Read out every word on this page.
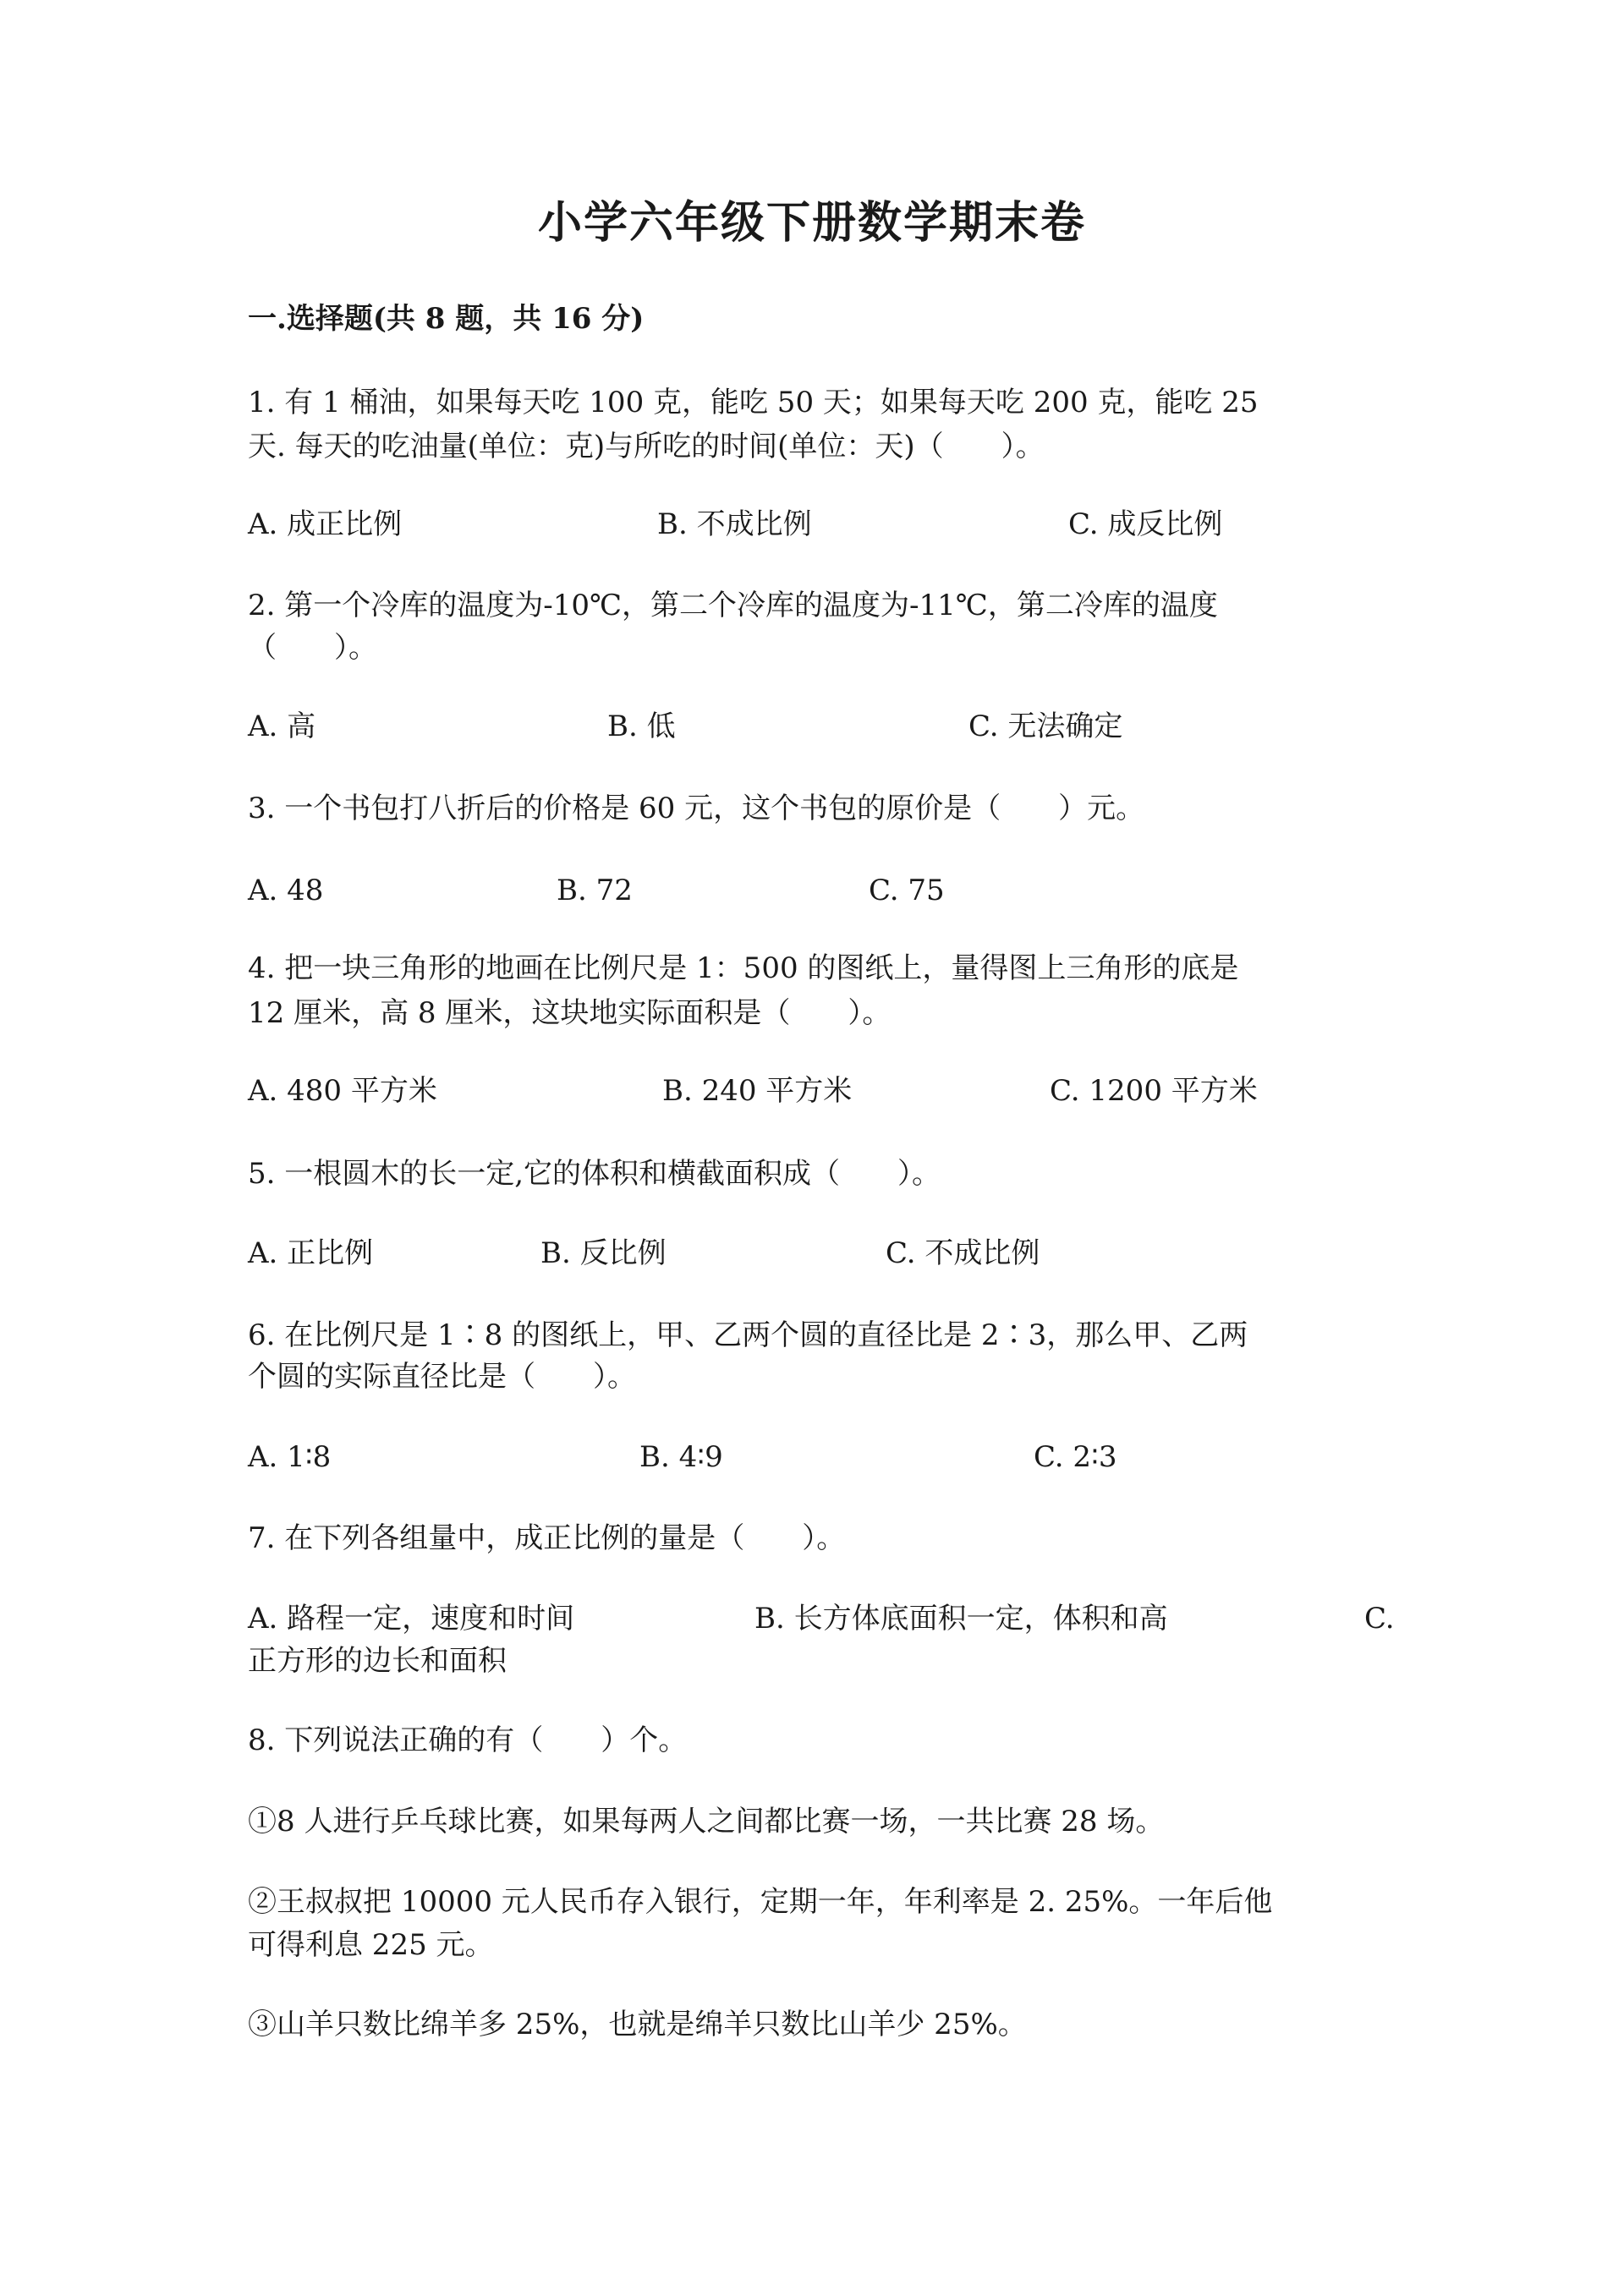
小学六年级下册数学期末卷
一.选择题(共 8 题，共 16 分)
1. 有 1 桶油，如果每天吃 100 克，能吃 50 天；如果每天吃 200 克，能吃 25
天. 每天的吃油量(单位：克)与所吃的时间(单位：天)（　　）。
A. 成正比例	B. 不成比例	C. 成反比例
2. 第一个冷库的温度为-10℃，第二个冷库的温度为-11℃，第二冷库的温度
（　　）。
A. 高	B. 低	C. 无法确定
3. 一个书包打八折后的价格是 60 元，这个书包的原价是（　　）元。
A. 48	B. 72	C. 75
4. 把一块三角形的地画在比例尺是 1：500 的图纸上，量得图上三角形的底是
12 厘米，高 8 厘米，这块地实际面积是（　　）。
A. 480 平方米	B. 240 平方米	C. 1200 平方米
5. 一根圆木的长一定,它的体积和横截面积成（　　）。
A. 正比例	B. 反比例	C. 不成比例
6. 在比例尺是 1∶8 的图纸上，甲、乙两个圆的直径比是 2∶3，那么甲、乙两
个圆的实际直径比是（　　）。
A. 1∶8	B. 4∶9	C. 2∶3
7. 在下列各组量中，成正比例的量是（　　）。
A. 路程一定，速度和时间	B. 长方体底面积一定，体积和高	C.
正方形的边长和面积
8. 下列说法正确的有（　　）个。
①8 人进行乒乓球比赛，如果每两人之间都比赛一场，一共比赛 28 场。
②王叔叔把 10000 元人民币存入银行，定期一年，年利率是 2. 25%。一年后他
可得利息 225 元。
③山羊只数比绵羊多 25%，也就是绵羊只数比山羊少 25%。
